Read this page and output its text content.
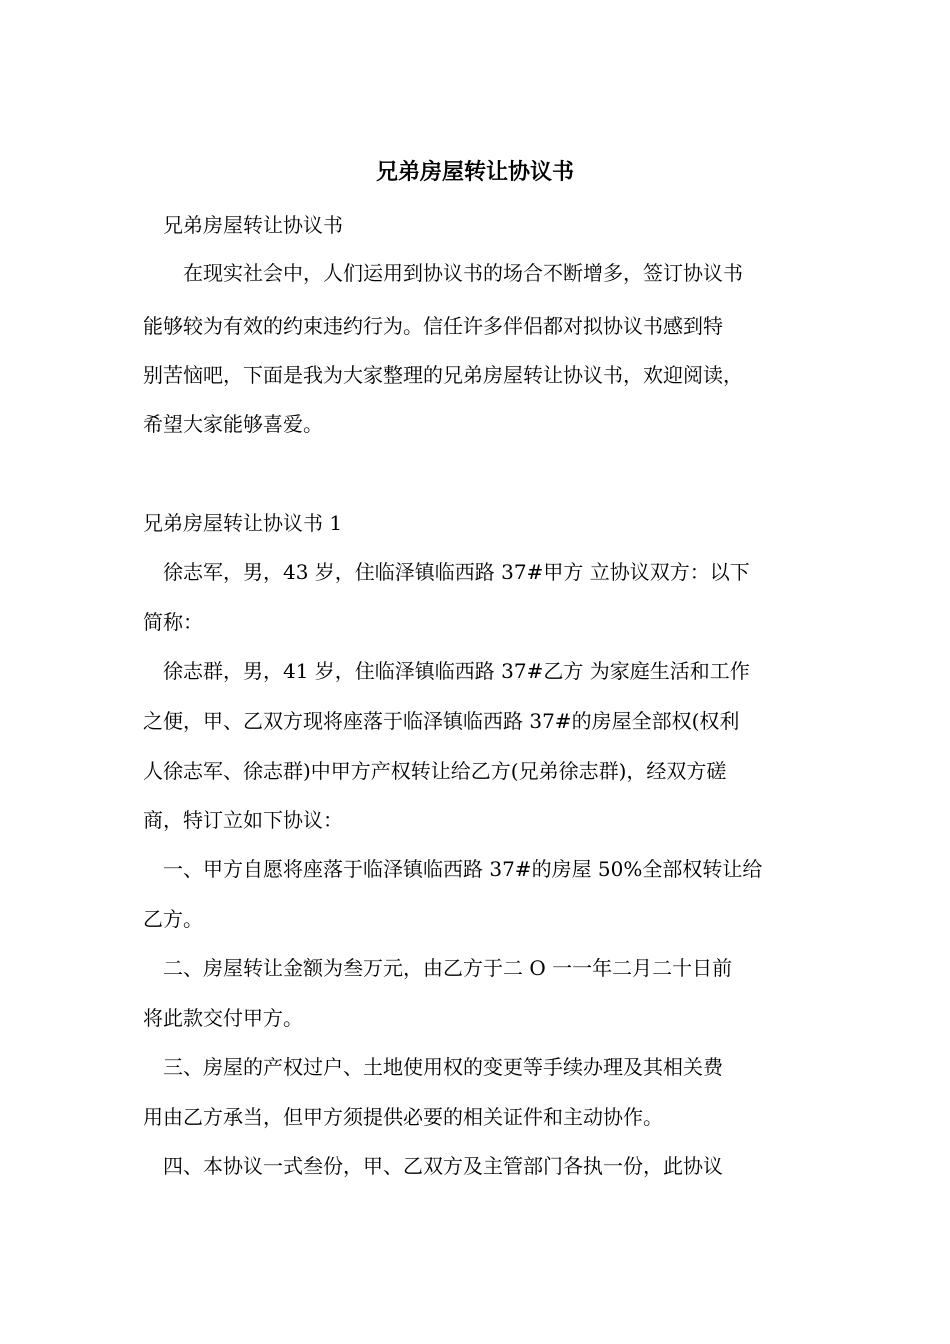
兄弟房屋转让协议书
　兄弟房屋转让协议书
　　在现实社会中，人们运用到协议书的场合不断增多，签订协议书
能够较为有效的约束违约行为。信任许多伴侣都对拟协议书感到特
别苦恼吧，下面是我为大家整理的兄弟房屋转让协议书，欢迎阅读，
希望大家能够喜爱。
兄弟房屋转让协议书 1
　徐志军，男，43 岁，住临泽镇临西路 37#甲方 立协议双方：以下
简称：
　徐志群，男，41 岁，住临泽镇临西路 37#乙方 为家庭生活和工作
之便，甲、乙双方现将座落于临泽镇临西路 37#的房屋全部权(权利
人徐志军、徐志群)中甲方产权转让给乙方(兄弟徐志群)，经双方磋
商，特订立如下协议：
　一、甲方自愿将座落于临泽镇临西路 37#的房屋 50%全部权转让给
乙方。
　二、房屋转让金额为叁万元，由乙方于二 O 一一年二月二十日前
将此款交付甲方。
　三、房屋的产权过户、土地使用权的变更等手续办理及其相关费
用由乙方承当，但甲方须提供必要的相关证件和主动协作。
　四、本协议一式叁份，甲、乙双方及主管部门各执一份，此协议
